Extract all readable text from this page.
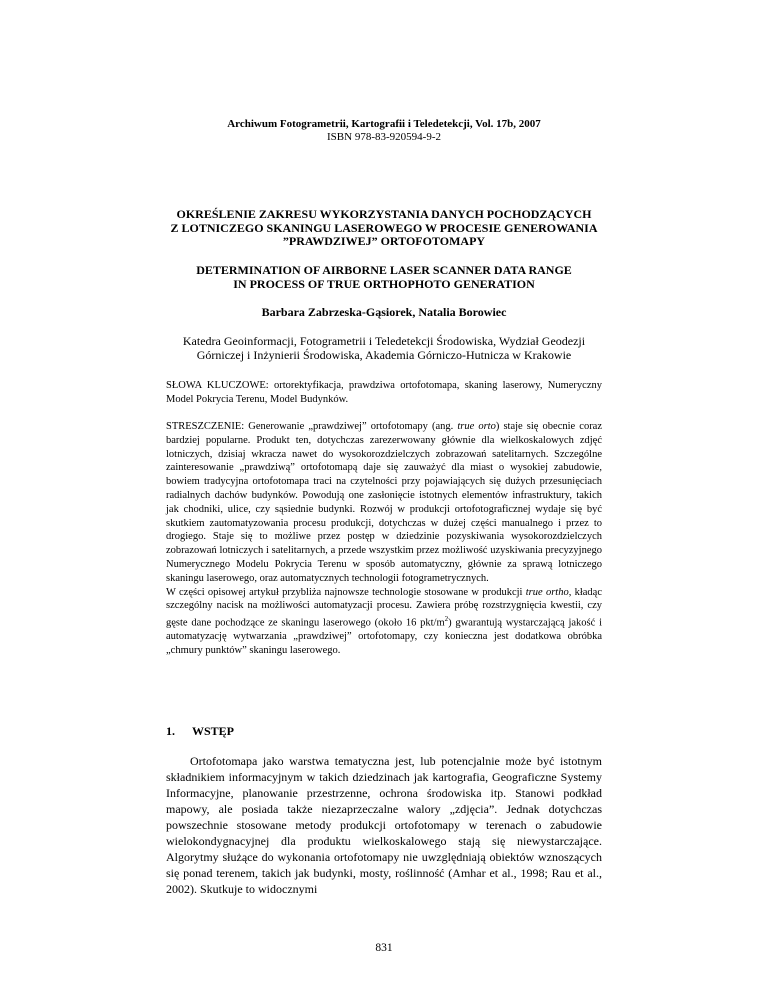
Archiwum Fotogrametrii, Kartografii i Teledetekcji, Vol. 17b, 2007
ISBN 978-83-920594-9-2
OKREŚLENIE ZAKRESU WYKORZYSTANIA DANYCH POCHODZĄCYCH
Z LOTNICZEGO SKANINGU LASEROWEGO W PROCESIE GENEROWANIA
”PRAWDZIWEJ” ORTOFOTOMAPY
DETERMINATION OF AIRBORNE LASER SCANNER DATA RANGE
IN PROCESS OF TRUE ORTHOPHOTO GENERATION
Barbara Zabrzeska-Gąsiorek, Natalia Borowiec
Katedra Geoinformacji, Fotogrametrii i Teledetekcji Środowiska, Wydział Geodezji
Górniczej i Inżynierii Środowiska, Akademia Górniczo-Hutnicza w Krakowie
SŁOWA KLUCZOWE: ortorektyfikacja, prawdziwa ortofotomapa, skaning laserowy, Numeryczny Model Pokrycia Terenu, Model Budynków.

STRESZCZENIE: Generowanie „prawdziwej” ortofotomapy (ang. true orto) staje się obecnie coraz bardziej popularne. Produkt ten, dotychczas zarezerwowany głównie dla wielkoskalowych zdjęć lotniczych, dzisiaj wkracza nawet do wysokorozdzielczych zobrazowań satelitarnych. Szczególne zainteresowanie „prawdziwą” ortofotomapą daje się zauważyć dla miast o wysokiej zabudowie, bowiem tradycyjna ortofotomapa traci na czytelności przy pojawiających się dużych przesunięciach radialnych dachów budynków. Powodują one zasłonięcie istotnych elementów infrastruktury, takich jak chodniki, ulice, czy sąsiednie budynki. Rozwój w produkcji ortofotograficznej wydaje się być skutkiem zautomatyzowania procesu produkcji, dotychczas w dużej części manualnego i przez to drogiego. Staje się to możliwe przez postęp w dziedzinie pozyskiwania wysokorozdzielczych zobrazowań lotniczych i satelitarnych, a przede wszystkim przez możliwość uzyskiwania precyzyjnego Numerycznego Modelu Pokrycia Terenu w sposób automatyczny, głównie za sprawą lotniczego skaningu laserowego, oraz automatycznych technologii fotogrametrycznych.

W części opisowej artykuł przybliża najnowsze technologie stosowane w produkcji true ortho, kładąc szczególny nacisk na możliwości automatyzacji procesu. Zawiera próbę rozstrzygnięcia kwestii, czy gęste dane pochodzące ze skaningu laserowego (około 16 pkt/$m^2$) gwarantują wystarczającą jakość i automatyzację wytwarzania „prawdziwej” ortofotomapy, czy konieczna jest dodatkowa obróbka „chmury punktów” skaningu laserowego.

1. WSTĘP

Ortofotomapa jako warstwa tematyczna jest, lub potencjalnie może być istotnym składnikiem informacyjnym w takich dziedzinach jak kartografia, Geograficzne Systemy Informacyjne, planowanie przestrzenne, ochrona środowiska itp. Stanowi podkład mapowy, ale posiada także niezaprzeczalne walory „zdjęcia”. Jednak dotychczas powszechnie stosowane metody produkcji ortofotomapy w terenach o zabudowie wielokondygnacyjnej dla produktu wielkoskalowego stają się niewystarczające. Algorytmy służące do wykonania ortofotomapy nie uwzględniają obiektów wznoszących się ponad terenem, takich jak budynki, mosty, roślinność (Amhar et al., 1998; Rau et al., 2002). Skutkuje to widocznymi

831
